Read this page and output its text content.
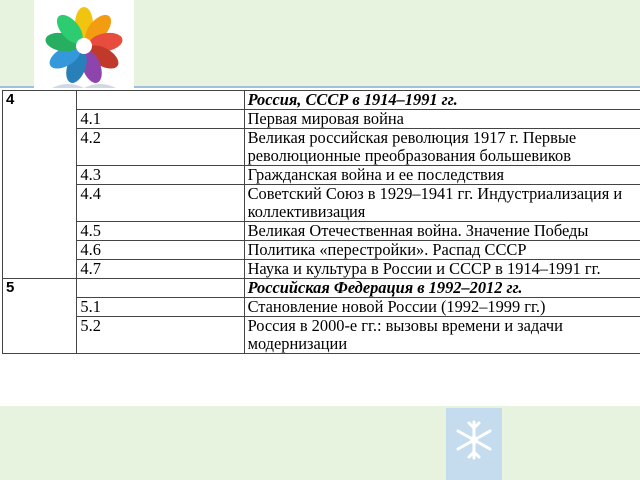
4		Россия, СССР в 1914–1991 гг.
	4.1	Первая мировая война
	4.2	Великая российская революция 1917 г. Первые революционные преобразования большевиков
	4.3	Гражданская война и ее последствия
	4.4	Советский Союз в 1929–1941 гг. Индустриализация и коллективизация
	4.5	Великая Отечественная война. Значение Победы
	4.6	Политика «перестройки». Распад СССР
	4.7	Наука и культура в России и СССР в 1914–1991 гг.
5		Российская Федерация в 1992–2012 гг.
	5.1	Становление новой России (1992–1999 гг.)
	5.2	Россия в 2000-е гг.: вызовы времени и задачи модернизации
